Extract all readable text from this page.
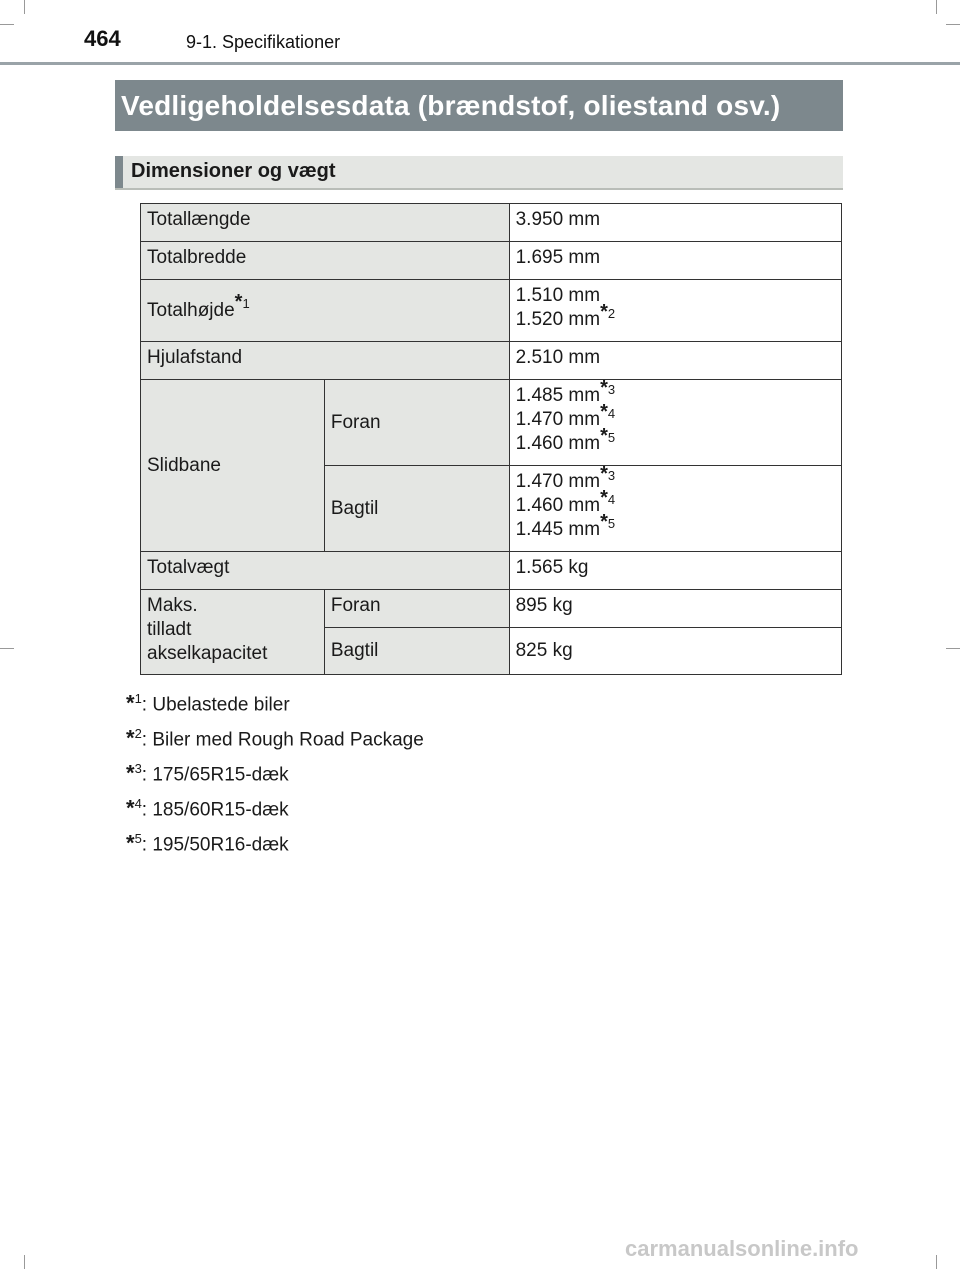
464	9-1. Specifikationer
Vedligeholdelsesdata (brændstof, oliestand osv.)
Dimensioner og vægt
Totallængde		3.950 mm
Totalbredde		1.695 mm
Totalhøjde$^{*1}$		1.510 mm
1.520 mm$^{*2}$

Hjulafstand		2.510 mm
Slidbane	Foran	1.485 mm$^{*3}$
1.470 mm$^{*4}$
1.460 mm$^{*5}$

	Bagtil	1.470 mm$^{*3}$
1.460 mm$^{*4}$
1.445 mm$^{*5}$

Totalvægt		1.565 kg

Maks.
tilladt
akselkapacitet	Foran	895 kg
	Bagtil	825 kg
*$^1$: Ubelastede biler
*$^2$: Biler med Rough Road Package
*$^3$: 175/65R15-dæk
*$^4$: 185/60R15-dæk
*$^5$: 195/50R16-dæk
carmanualsonline.info
